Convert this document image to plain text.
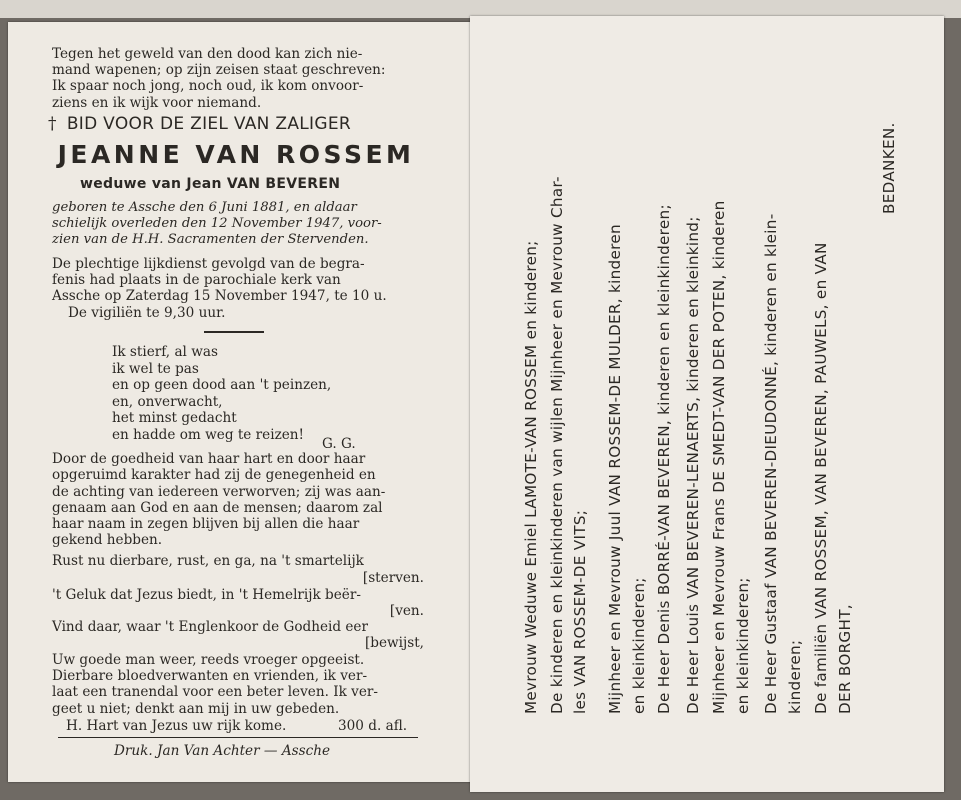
Tegen het geweld van den dood kan zich nie-
mand wapenen; op zijn zeisen staat geschreven:
Ik spaar noch jong, noch oud, ik kom onvoor-
ziens en ik wijk voor niemand.
† BID VOOR DE ZIEL VAN ZALIGER
JEANNE VAN ROSSEM
weduwe van Jean VAN BEVEREN
geboren te Assche den 6 Juni 1881, en aldaar
schielijk overleden den 12 November 1947, voor-
zien van de H.H. Sacramenten der Stervenden.
De plechtige lijkdienst gevolgd van de begra-
fenis had plaats in de parochiale kerk van
Assche op Zaterdag 15 November 1947, te 10 u.
De vigiliën te 9,30 uur.
Ik stierf, al was
ik wel te pas
en op geen dood aan 't peinzen,
en, onverwacht,
het minst gedacht
en hadde om weg te reizen!
G. G.
Door de goedheid van haar hart en door haar
opgeruimd karakter had zij de genegenheid en
de achting van iedereen verworven; zij was aan-
genaam aan God en aan de mensen; daarom zal
haar naam in zegen blijven bij allen die haar
gekend hebben.
Rust nu dierbare, rust, en ga, na 't smartelijk
[sterven.
't Geluk dat Jezus biedt, in 't Hemelrijk beër-
[ven.
Vind daar, waar 't Englenkoor de Godheid eer
[bewijst,
Uw goede man weer, reeds vroeger opgeeist.
Dierbare bloedverwanten en vrienden, ik ver-
laat een tranendal voor een beter leven. Ik ver-
geet u niet; denkt aan mij in uw gebeden.
H. Hart van Jezus uw rijk kome.	300 d. afl.
Druk. Jan Van Achter — Assche
Mevrouw Weduwe Emiel LAMOTE-VAN ROSSEM en kinderen; De kinderen en kleinkinderen van wijlen Mijnheer en Mevrouw Char- les VAN ROSSEM-DE VITS; Mijnheer en Mevrouw Juul VAN ROSSEM-DE MULDER, kinderen en kleinkinderen; De Heer Denis BORRÉ-VAN BEVEREN, kinderen en kleinkinderen; De Heer Louis VAN BEVEREN-LENAERTS, kinderen en kleinkind; Mijnheer en Mevrouw Frans DE SMEDT-VAN DER POTEN, kinderen en kleinkinderen; De Heer Gustaaf VAN BEVEREN-DIEUDONNÉ, kinderen en klein- kinderen; De familiën VAN ROSSEM, VAN BEVEREN, PAUWELS, en VAN DER BORGHT,
BEDANKEN.
